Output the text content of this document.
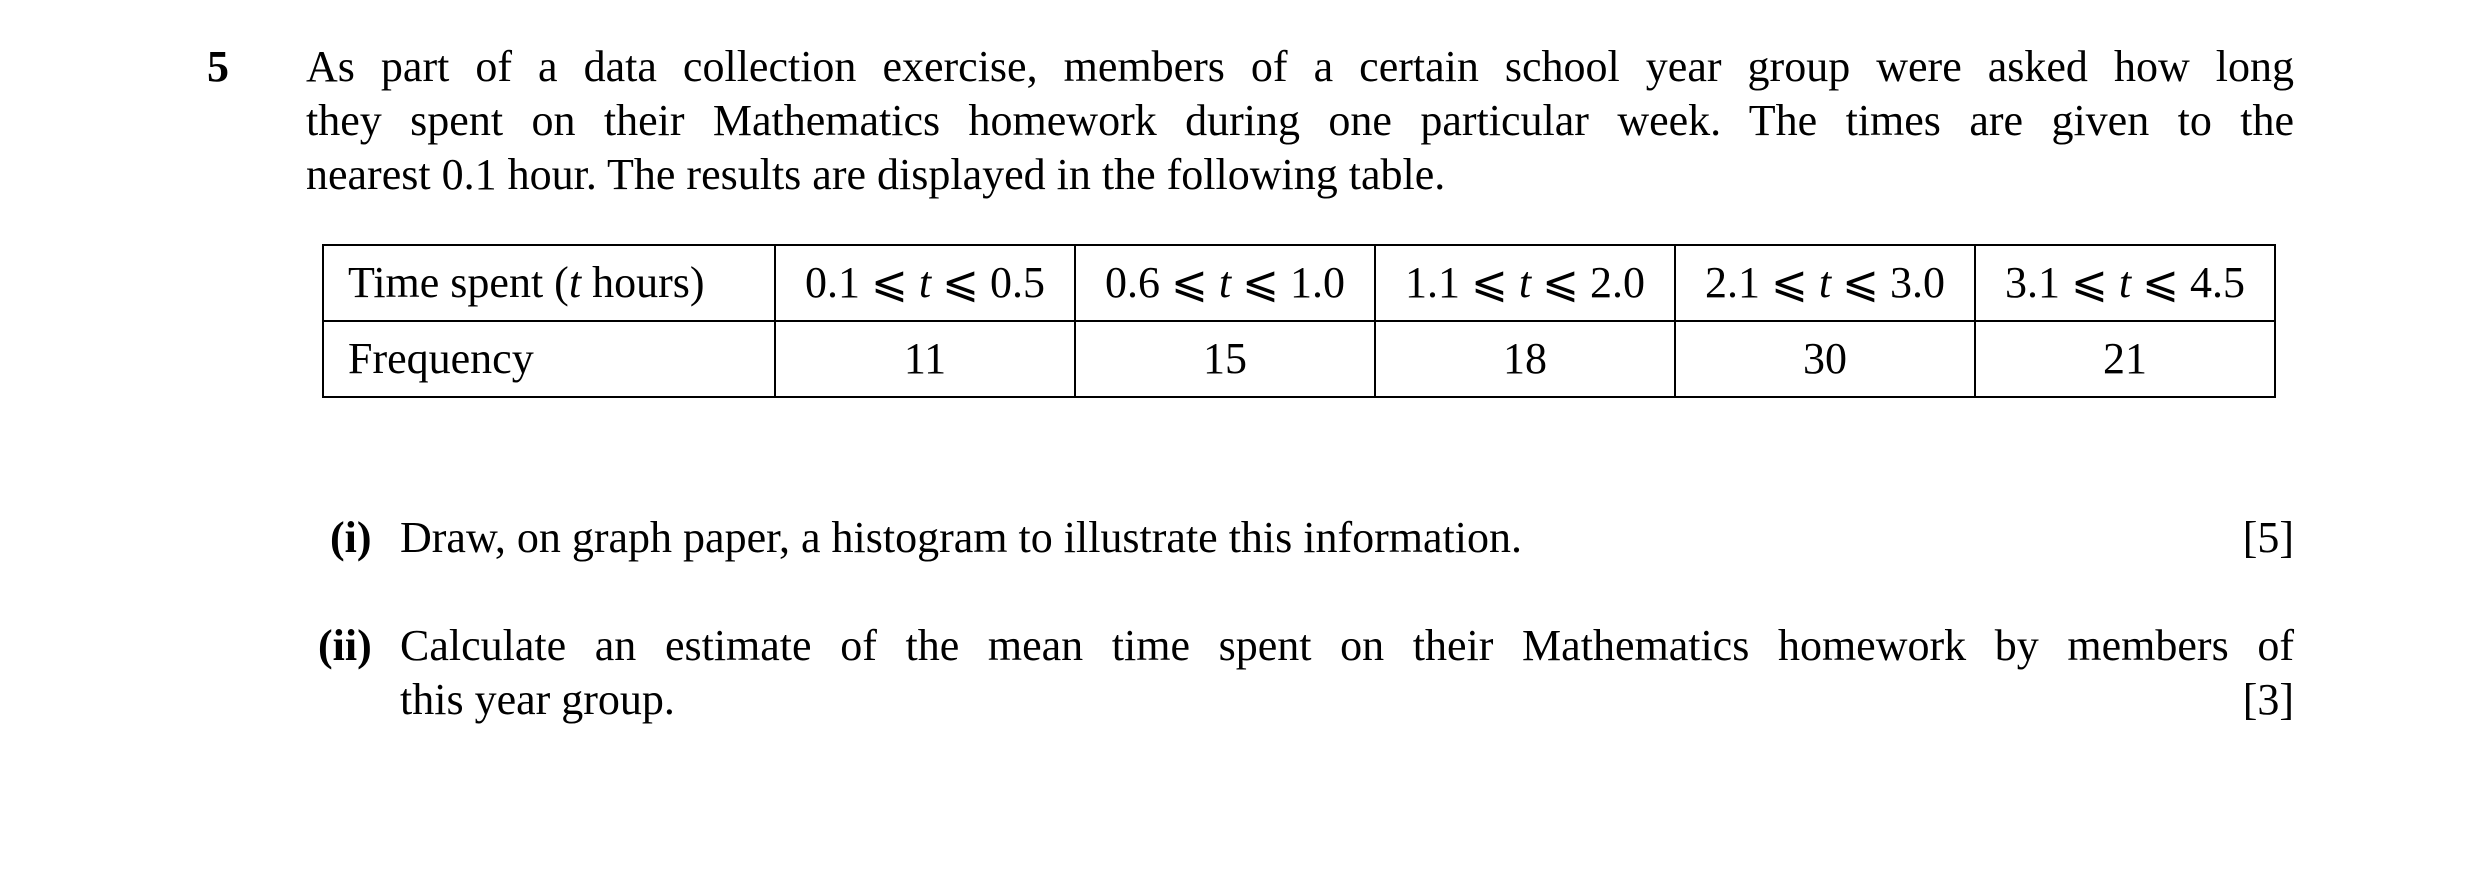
5 As part of a data collection exercise, members of a certain school year group were asked how long
they spent on their Mathematics homework during one particular week. The times are given to the
nearest 0.1 hour. The results are displayed in the following table.
Time spent (t hours)	0.1 ⩽ t ⩽ 0.5	0.6 ⩽ t ⩽ 1.0	1.1 ⩽ t ⩽ 2.0	2.1 ⩽ t ⩽ 3.0	3.1 ⩽ t ⩽ 4.5
Frequency	11	15	18	30	21
(i) Draw, on graph paper, a histogram to illustrate this information.	[5]
(ii) Calculate an estimate of the mean time spent on their Mathematics homework by members of
this year group.	[3]
